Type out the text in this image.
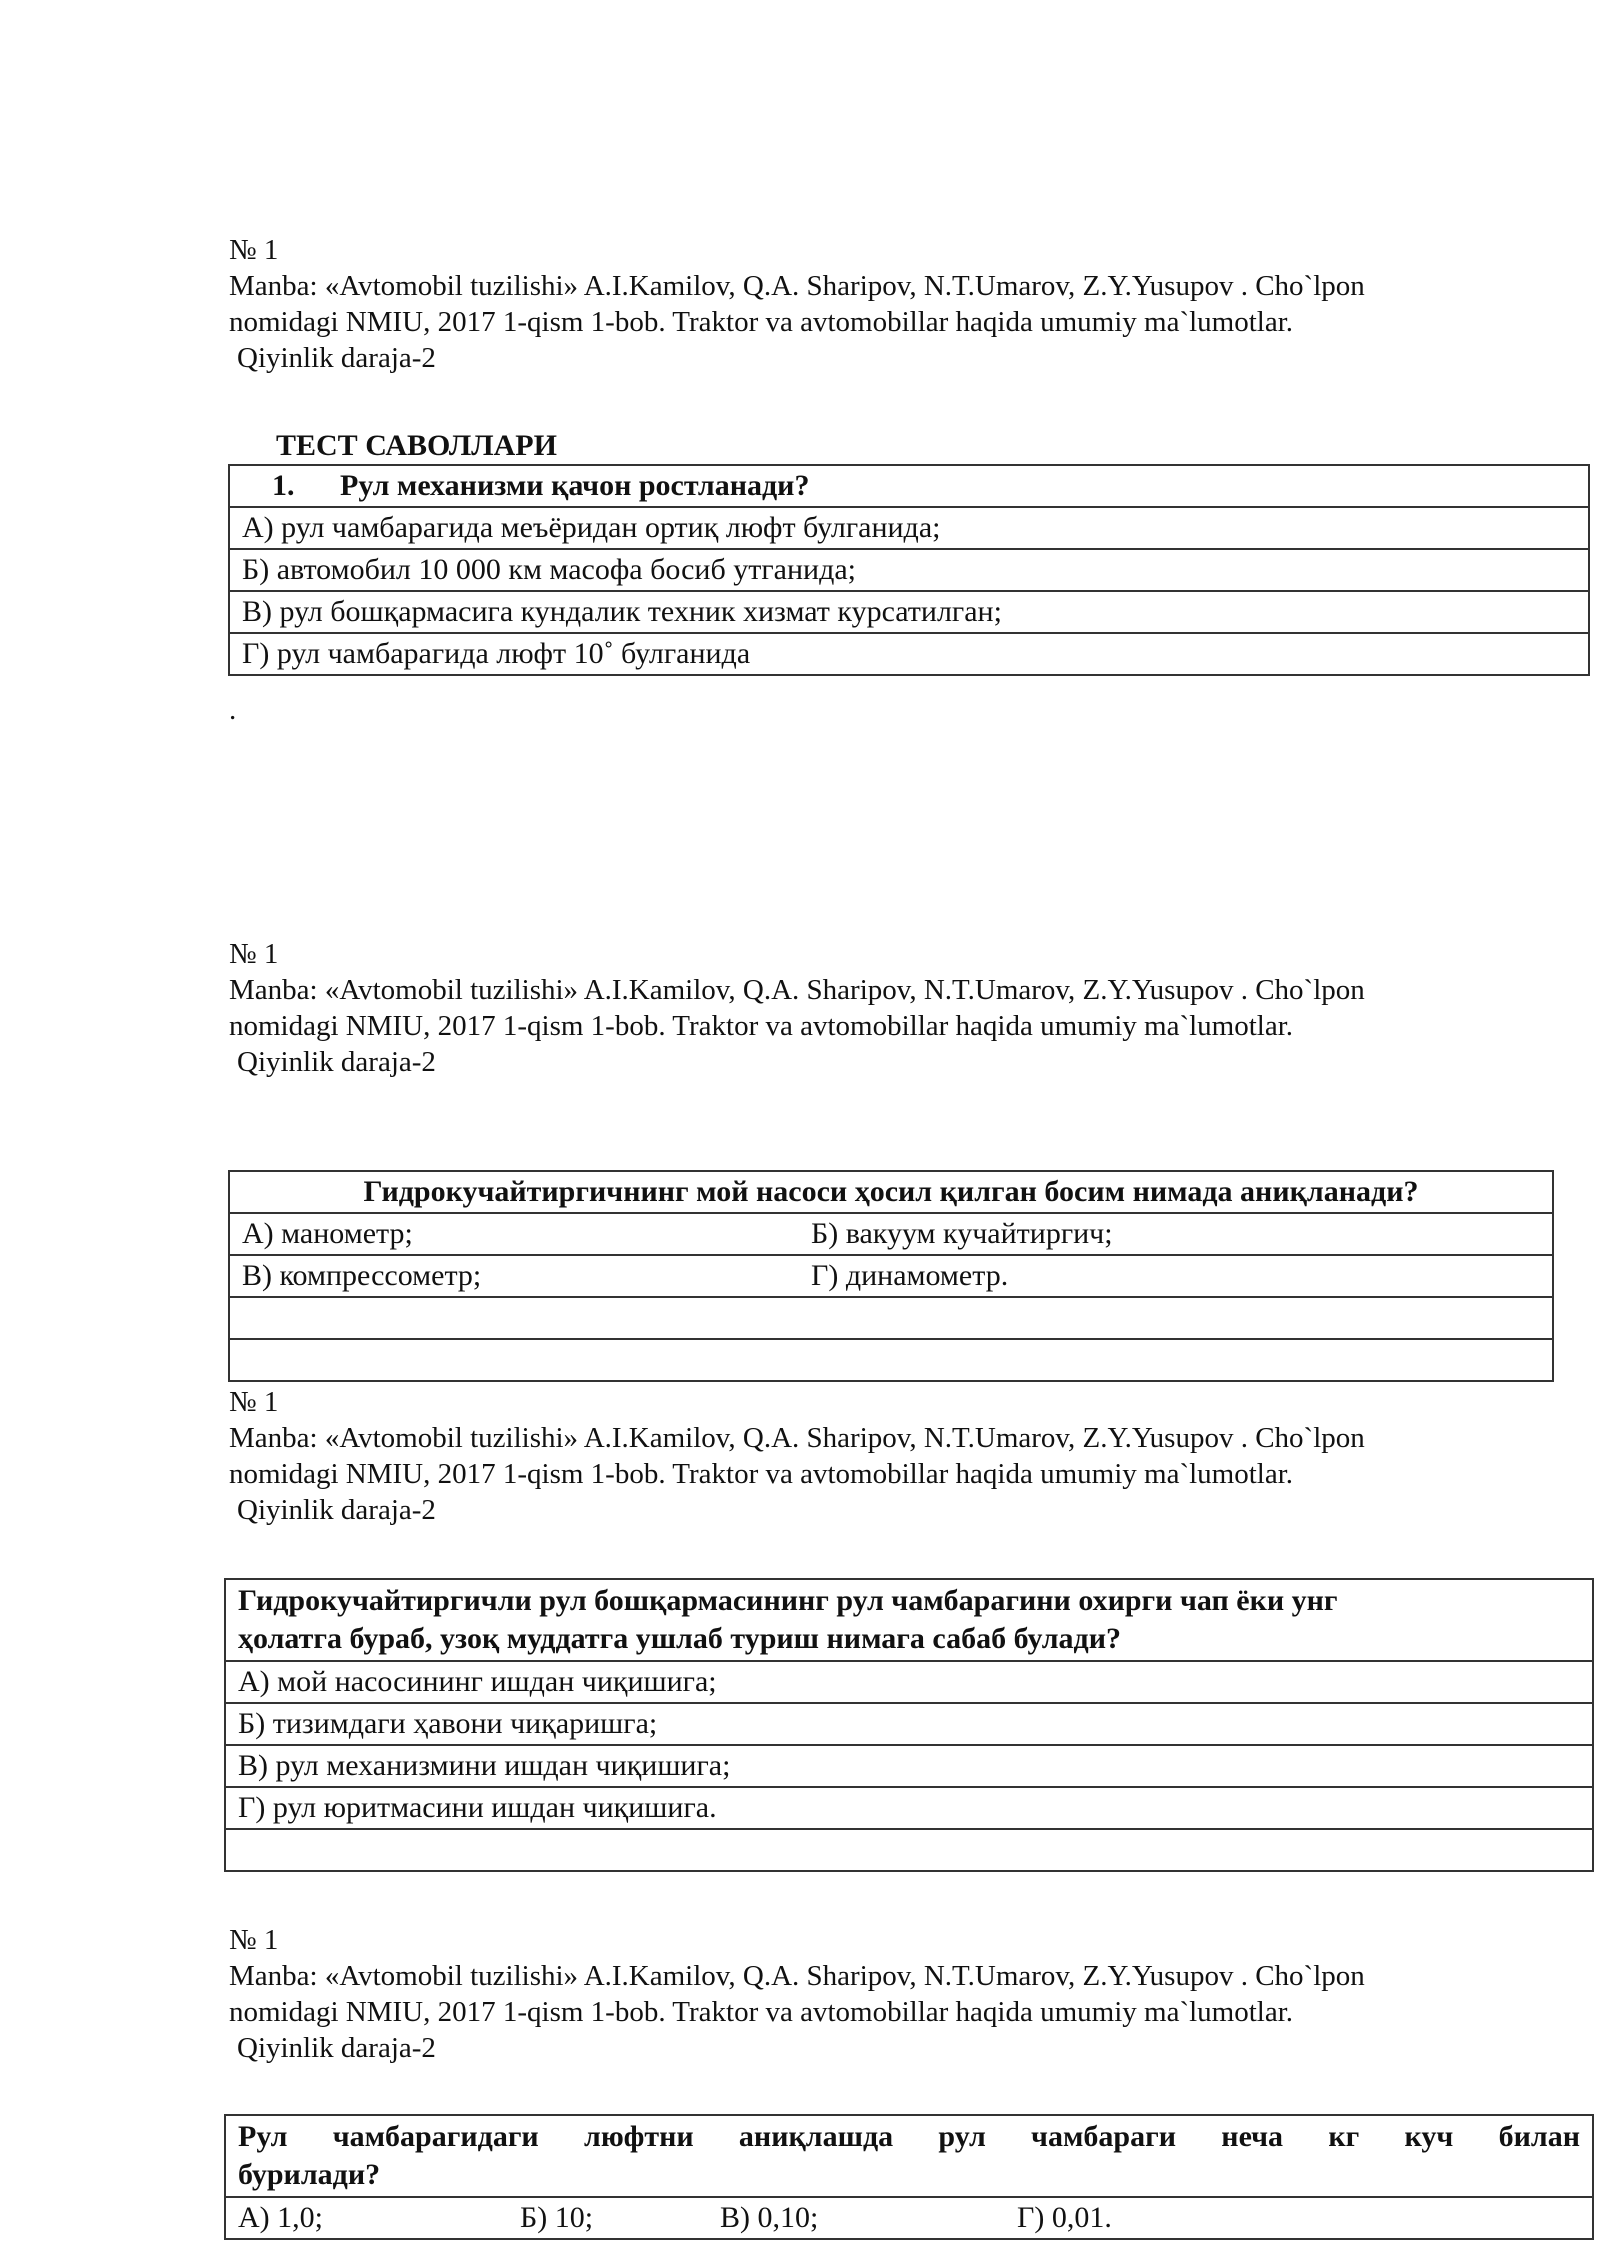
№ 1
Manba: «Avtomobil tuzilishi» A.I.Kamilov, Q.A. Sharipov, N.T.Umarov, Z.Y.Yusupov . Cho`lpon
nomidagi NMIU, 2017 1-qism 1-bob. Traktor va avtomobillar haqida umumiy ma`lumotlar.
Qiyinlik daraja-2
ТЕСТ САВОЛЛАРИ
1. Рул механизми қачон ростланади?
А) рул чамбарагида меъёридан ортиқ люфт булганида;
Б) автомобил 10 000 км масофа босиб утганида;
В) рул бошқармасига кундалик техник хизмат курсатилган;
Г) рул чамбарагида люфт 10˚ булганида
.
№ 1
Manba: «Avtomobil tuzilishi» A.I.Kamilov, Q.A. Sharipov, N.T.Umarov, Z.Y.Yusupov . Cho`lpon
nomidagi NMIU, 2017 1-qism 1-bob. Traktor va avtomobillar haqida umumiy ma`lumotlar.
Qiyinlik daraja-2
Гидрокучайтиргичнинг мой насоси ҳосил қилган босим нимада аниқланади?	
А) манометр;	Б) вакуум кучайтиргич;
В) компрессометр;	Г) динамометр.

№ 1
Manba: «Avtomobil tuzilishi» A.I.Kamilov, Q.A. Sharipov, N.T.Umarov, Z.Y.Yusupov . Cho`lpon
nomidagi NMIU, 2017 1-qism 1-bob. Traktor va avtomobillar haqida umumiy ma`lumotlar.
Qiyinlik daraja-2
Гидрокучайтиргичли рул бошқармасининг рул чамбарагини охирги чап ёки унг
ҳолатга бураб, узоқ муддатга ушлаб туриш нимага сабаб булади?

А) мой насосининг ишдан чиқишига;
Б) тизимдаги ҳавони чиқаришга;
В) рул механизмини ишдан чиқишига;
Г) рул юритмасини ишдан чиқишига.

№ 1
Manba: «Avtomobil tuzilishi» A.I.Kamilov, Q.A. Sharipov, N.T.Umarov, Z.Y.Yusupov . Cho`lpon
nomidagi NMIU, 2017 1-qism 1-bob. Traktor va avtomobillar haqida umumiy ma`lumotlar.
Qiyinlik daraja-2
Рул чамбарагидаги люфтни аниқлашда рул чамбараги неча кг куч билан
бурилади?

А) 1,0;	Б) 10;	В) 0,10;	Г) 0,01.
